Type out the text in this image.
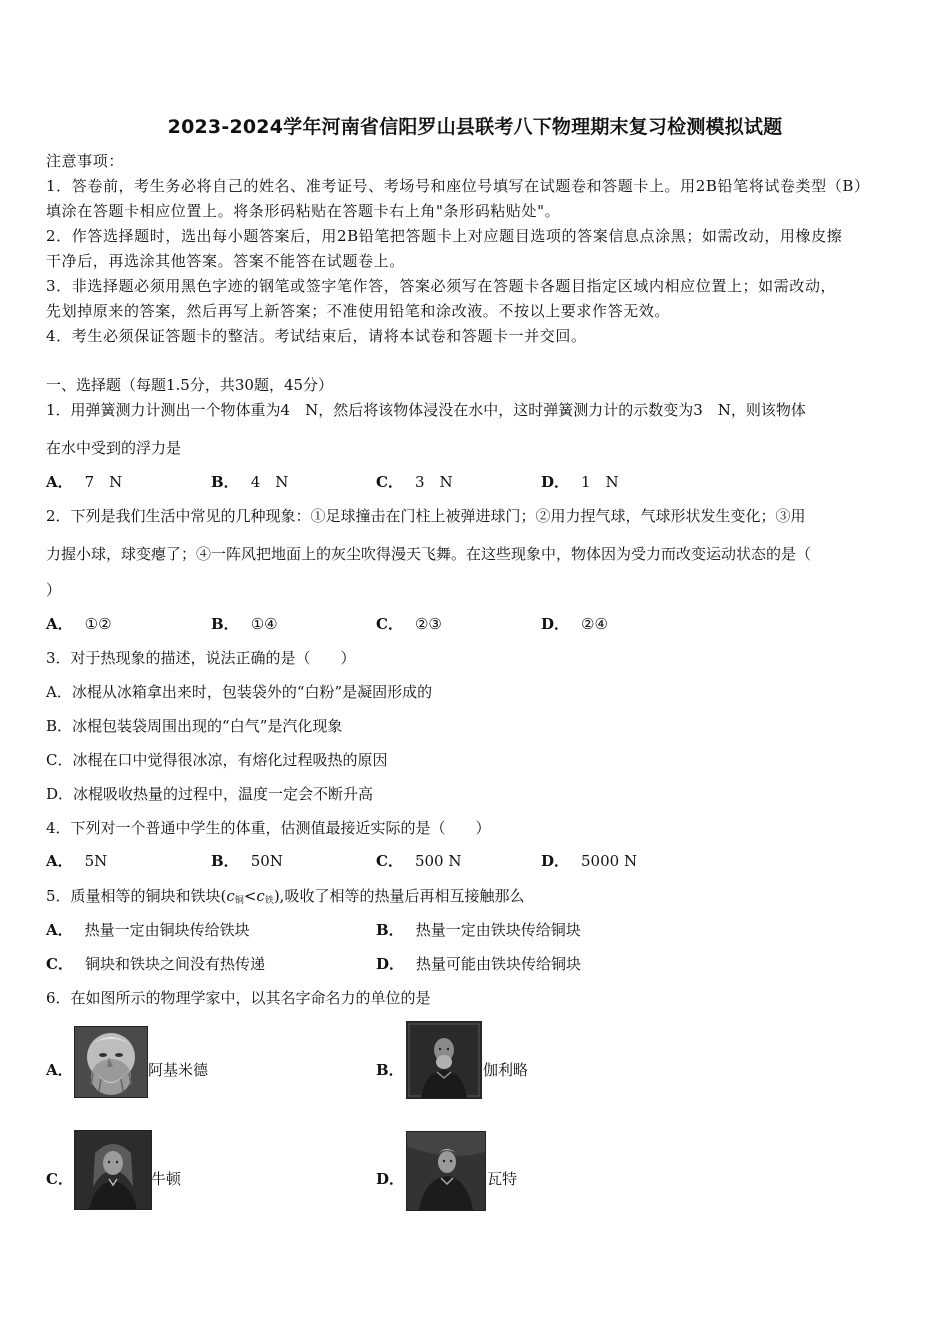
2023-2024学年河南省信阳罗山县联考八下物理期末复习检测模拟试题
注意事项：
1．答卷前，考生务必将自己的姓名、准考证号、考场号和座位号填写在试题卷和答题卡上。用2B铅笔将试卷类型（B）
填涂在答题卡相应位置上。将条形码粘贴在答题卡右上角"条形码粘贴处"。
2．作答选择题时，选出每小题答案后，用2B铅笔把答题卡上对应题目选项的答案信息点涂黑；如需改动，用橡皮擦
干净后，再选涂其他答案。答案不能答在试题卷上。
3．非选择题必须用黑色字迹的钢笔或签字笔作答，答案必须写在答题卡各题目指定区域内相应位置上；如需改动，
先划掉原来的答案，然后再写上新答案；不准使用铅笔和涂改液。不按以上要求作答无效。
4．考生必须保证答题卡的整洁。考试结束后，请将本试卷和答题卡一并交回。
一、选择题（每题1.5分，共30题，45分）
1．用弹簧测力计测出一个物体重为4　N，然后将该物体浸没在水中，这时弹簧测力计的示数变为3　N，则该物体
在水中受到的浮力是
A． 7　N	B． 4　N	C． 3　N	D． 1　N
2．下列是我们生活中常见的几种现象：①足球撞击在门柱上被弹进球门；②用力捏气球，气球形状发生变化；③用
力握小球，球变瘪了；④一阵风把地面上的灰尘吹得漫天飞舞。在这些现象中，物体因为受力而改变运动状态的是（
）
A． ①②	B． ①④	C． ②③	D． ②④
3．对于热现象的描述，说法正确的是（　　）
A．冰棍从冰箱拿出来时，包装袋外的“白粉”是凝固形成的
B．冰棍包装袋周围出现的“白气”是汽化现象
C．冰棍在口中觉得很冰凉，有熔化过程吸热的原因
D．冰棍吸收热量的过程中，温度一定会不断升高
4．下列对一个普通中学生的体重，估测值最接近实际的是（　　）
A． 5N	B． 50N	C． 500 N	D． 5000 N
5．质量相等的铜块和铁块$(c_铜<c_铁)$,吸收了相等的热量后再相互接触那么
A． 热量一定由铜块传给铁块	B． 热量一定由铁块传给铜块
C． 铜块和铁块之间没有热传递	D． 热量可能由铁块传给铜块
6．在如图所示的物理学家中，以其名字命名力的单位的是
A．	阿基米德	B．	伽利略
C．	牛顿	D．	瓦特
